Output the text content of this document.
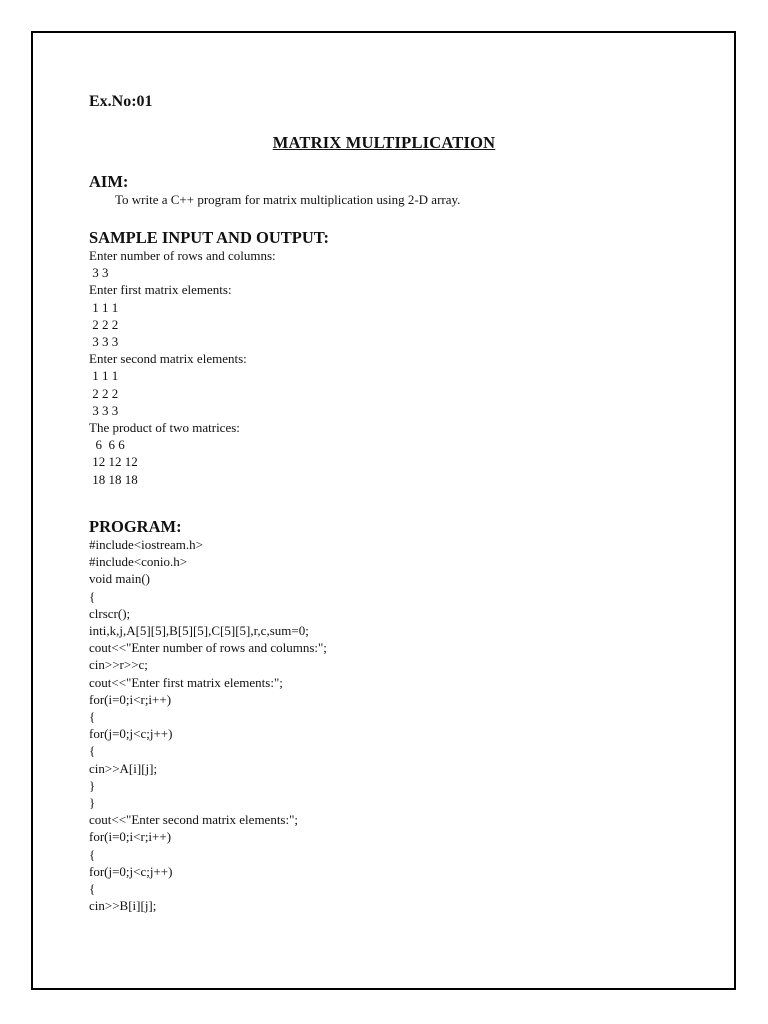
Ex.No:01

MATRIX MULTIPLICATION

AIM:

To write a C++ program for matrix multiplication using 2-D array.

SAMPLE INPUT AND OUTPUT:

Enter number of rows and columns:
3 3
Enter first matrix elements:
1 1 1
2 2 2
3 3 3
Enter second matrix elements:
1 1 1
2 2 2
3 3 3
The product of two matrices:
6  6 6
12 12 12
18 18 18

PROGRAM:

#include<iostream.h>
#include<conio.h>
void main()
{
clrscr();
inti,k,j,A[5][5],B[5][5],C[5][5],r,c,sum=0;
cout<<"Enter number of rows and columns:";
cin>>r>>c;
cout<<"Enter first matrix elements:";
for(i=0;i<r;i++)
{
for(j=0;j<c;j++)
{
cin>>A[i][j];
}
}
cout<<"Enter second matrix elements:";
for(i=0;i<r;i++)
{
for(j=0;j<c;j++)
{
cin>>B[i][j];
